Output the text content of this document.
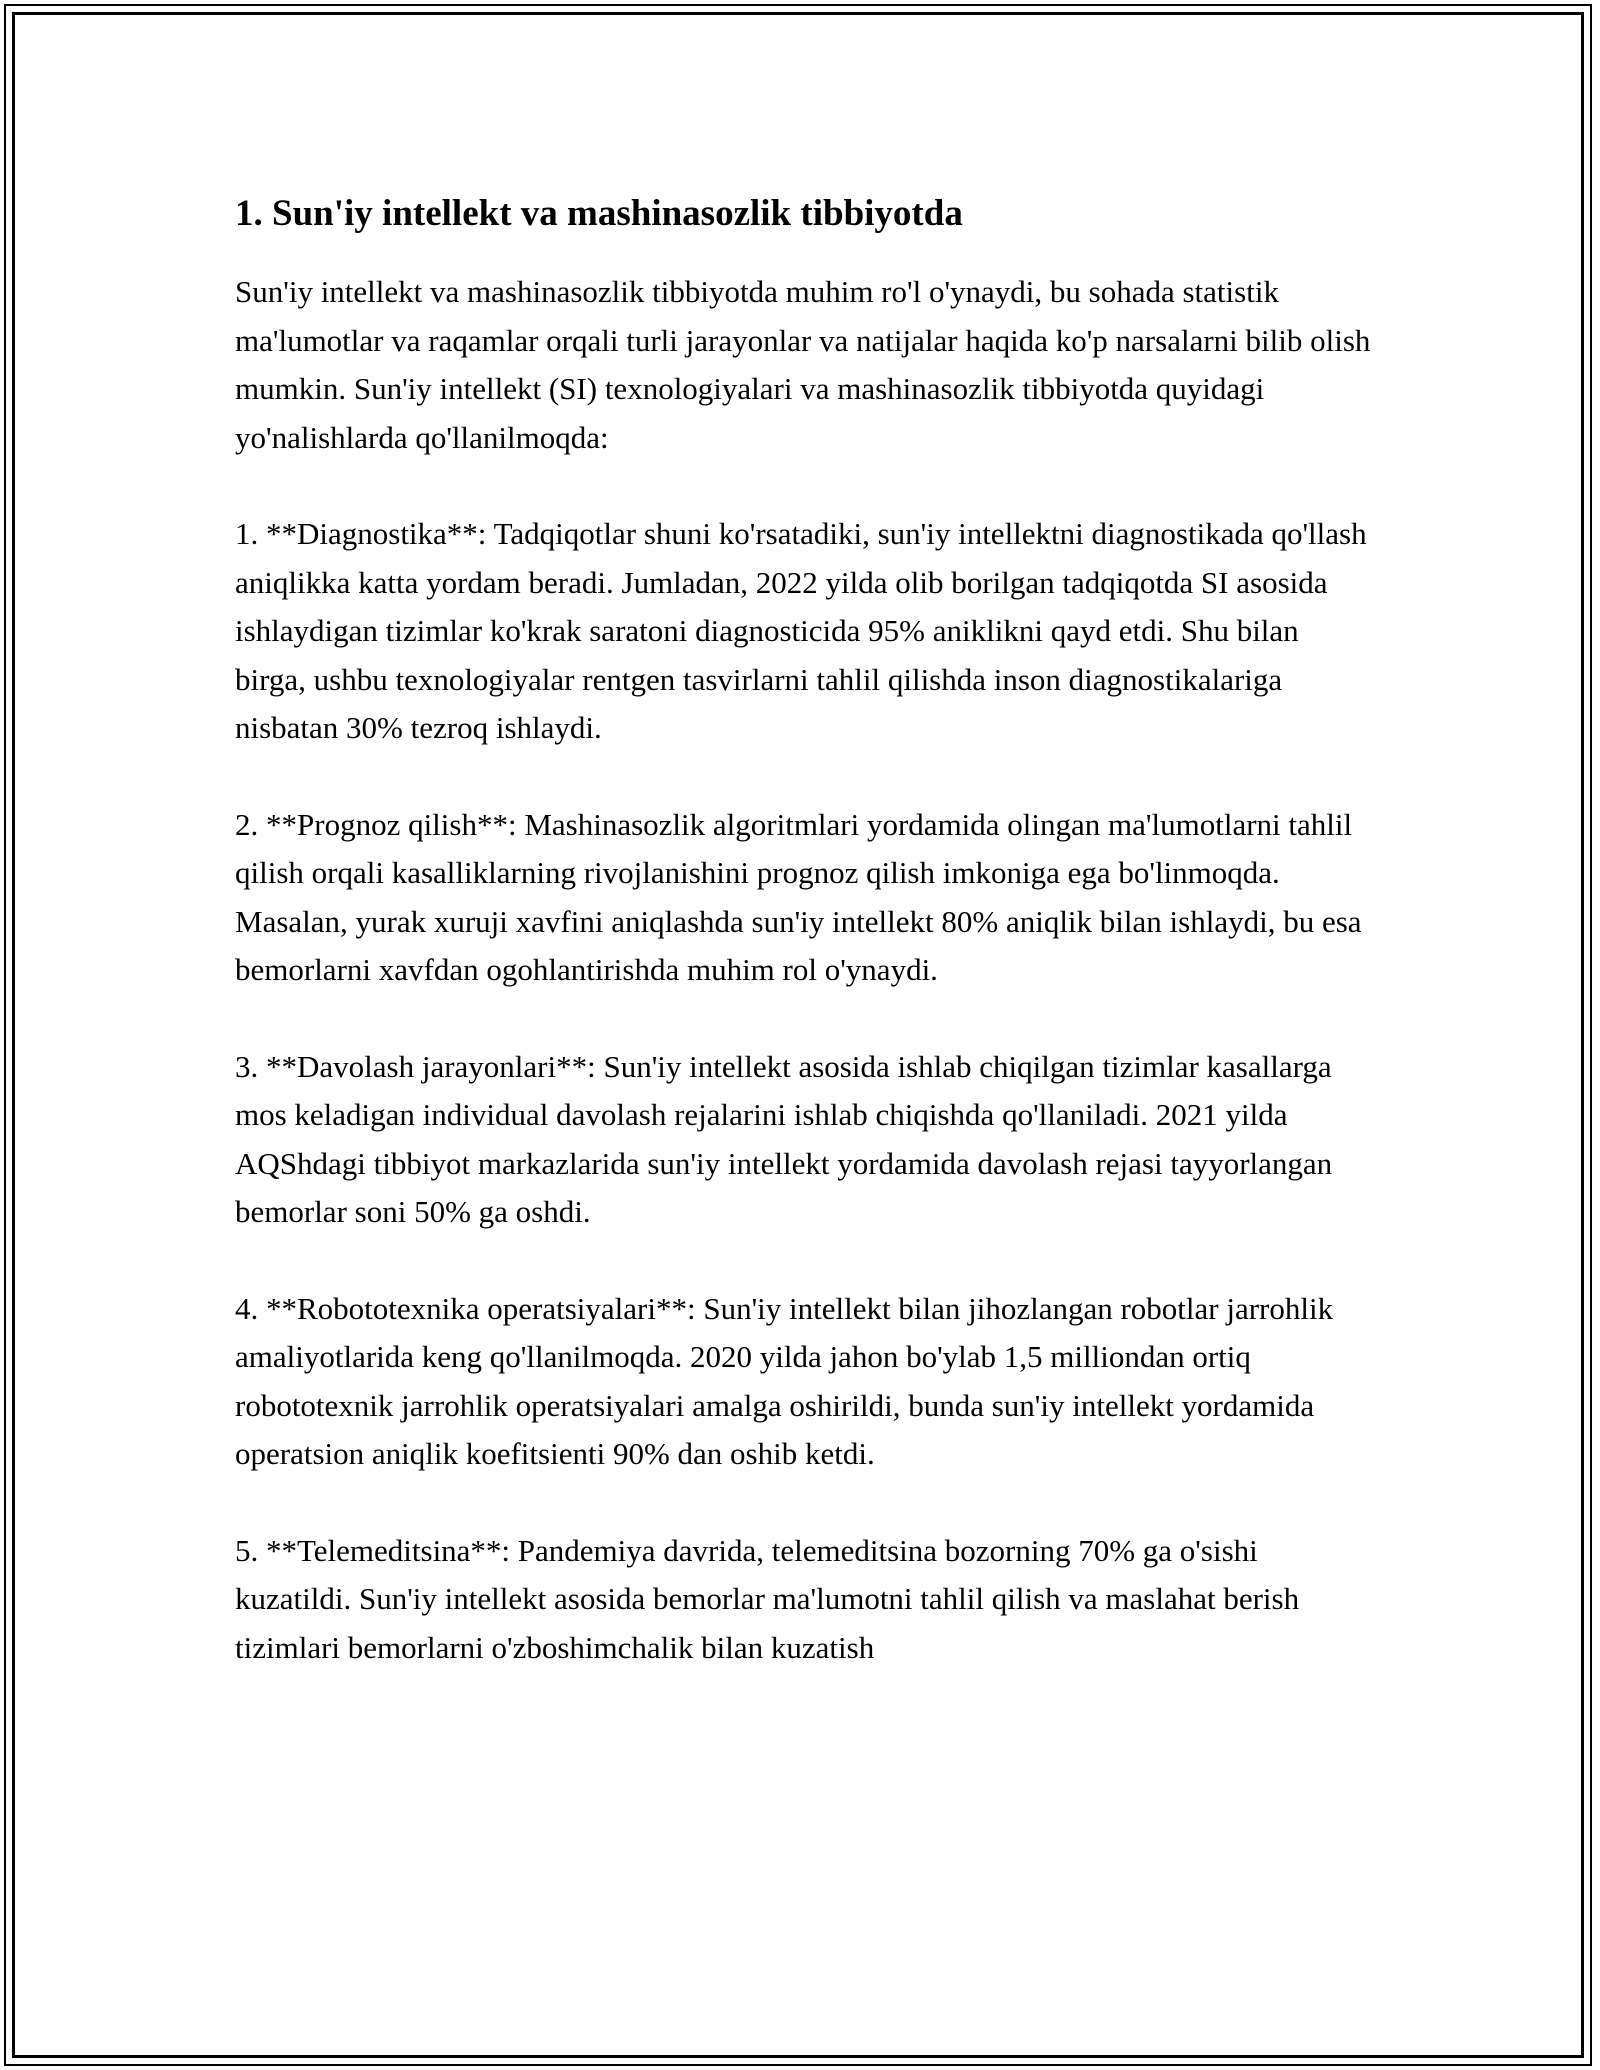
1. Sun'iy intellekt va mashinasozlik tibbiyotda

Sun'iy intellekt va mashinasozlik tibbiyotda muhim ro'l o'ynaydi, bu sohada statistik ma'lumotlar va raqamlar orqali turli jarayonlar va natijalar haqida ko'p narsalarni bilib olish mumkin. Sun'iy intellekt (SI) texnologiyalari va mashinasozlik tibbiyotda quyidagi yo'nalishlarda qo'llanilmoqda:

1. **Diagnostika**: Tadqiqotlar shuni ko'rsatadiki, sun'iy intellektni diagnostikada qo'llash aniqlikka katta yordam beradi. Jumladan, 2022 yilda olib borilgan tadqiqotda SI asosida ishlaydigan tizimlar ko'krak saratoni diagnosticida 95% aniklikni qayd etdi. Shu bilan birga, ushbu texnologiyalar rentgen tasvirlarni tahlil qilishda inson diagnostikalariga nisbatan 30% tezroq ishlaydi.

2. **Prognoz qilish**: Mashinasozlik algoritmlari yordamida olingan ma'lumotlarni tahlil qilish orqali kasalliklarning rivojlanishini prognoz qilish imkoniga ega bo'linmoqda. Masalan, yurak xuruji xavfini aniqlashda sun'iy intellekt 80% aniqlik bilan ishlaydi, bu esa bemorlarni xavfdan ogohlantirishda muhim rol o'ynaydi.

3. **Davolash jarayonlari**: Sun'iy intellekt asosida ishlab chiqilgan tizimlar kasallarga mos keladigan individual davolash rejalarini ishlab chiqishda qo'llaniladi. 2021 yilda AQShdagi tibbiyot markazlarida sun'iy intellekt yordamida davolash rejasi tayyorlangan bemorlar soni 50% ga oshdi.

4. **Robototexnika operatsiyalari**: Sun'iy intellekt bilan jihozlangan robotlar jarrohlik amaliyotlarida keng qo'llanilmoqda. 2020 yilda jahon bo'ylab 1,5 milliondan ortiq robototexnik jarrohlik operatsiyalari amalga oshirildi, bunda sun'iy intellekt yordamida operatsion aniqlik koefitsienti 90% dan oshib ketdi.

5. **Telemeditsina**: Pandemiya davrida, telemeditsina bozorning 70% ga o'sishi kuzatildi. Sun'iy intellekt asosida bemorlar ma'lumotni tahlil qilish va maslahat berish tizimlari bemorlarni o'zboshimchalik bilan kuzatish
